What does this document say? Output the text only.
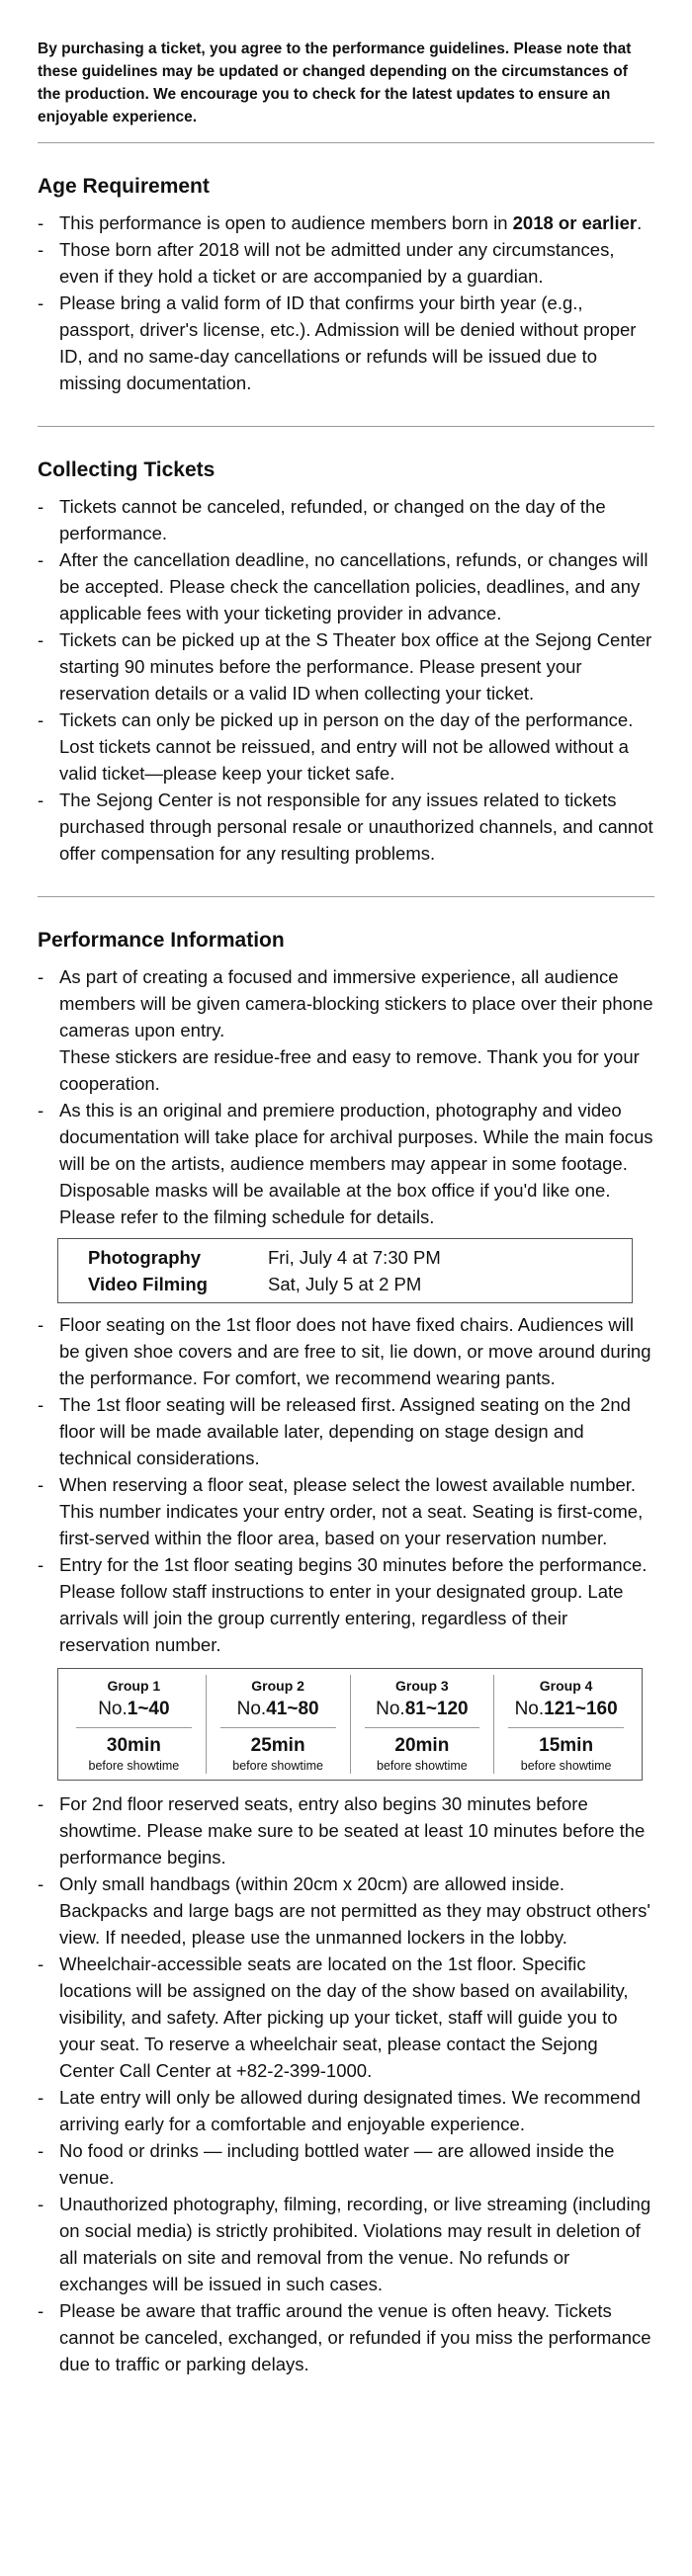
By purchasing a ticket, you agree to the performance guidelines. Please note that these guidelines may be updated or changed depending on the circumstances of the production. We encourage you to check for the latest updates to ensure an enjoyable experience.

Age Requirement
- This performance is open to audience members born in 2018 or earlier.
- Those born after 2018 will not be admitted under any circumstances, even if they hold a ticket or are accompanied by a guardian.
- Please bring a valid form of ID that confirms your birth year (e.g., passport, driver's license, etc.). Admission will be denied without proper ID, and no same-day cancellations or refunds will be issued due to missing documentation.
Collecting Tickets
- Tickets cannot be canceled, refunded, or changed on the day of the performance.
- After the cancellation deadline, no cancellations, refunds, or changes will be accepted. Please check the cancellation policies, deadlines, and any applicable fees with your ticketing provider in advance.
- Tickets can be picked up at the S Theater box office at the Sejong Center starting 90 minutes before the performance. Please present your reservation details or a valid ID when collecting your ticket.
- Tickets can only be picked up in person on the day of the performance. Lost tickets cannot be reissued, and entry will not be allowed without a valid ticket—please keep your ticket safe.
- The Sejong Center is not responsible for any issues related to tickets purchased through personal resale or unauthorized channels, and cannot offer compensation for any resulting problems.
Performance Information
- As part of creating a focused and immersive experience, all audience members will be given camera-blocking stickers to place over their phone cameras upon entry.
These stickers are residue-free and easy to remove. Thank you for your cooperation.
- As this is an original and premiere production, photography and video documentation will take place for archival purposes. While the main focus will be on the artists, audience members may appear in some footage. Disposable masks will be available at the box office if you'd like one. Please refer to the filming schedule for details.
Photography	Fri, July 4 at 7:30 PM
Video Filming	Sat, July 5 at 2 PM
- Floor seating on the 1st floor does not have fixed chairs. Audiences will be given shoe covers and are free to sit, lie down, or move around during the performance. For comfort, we recommend wearing pants.
- The 1st floor seating will be released first. Assigned seating on the 2nd floor will be made available later, depending on stage design and technical considerations.
- When reserving a floor seat, please select the lowest available number. This number indicates your entry order, not a seat. Seating is first-come, first-served within the floor area, based on your reservation number.
- Entry for the 1st floor seating begins 30 minutes before the performance. Please follow staff instructions to enter in your designated group. Late arrivals will join the group currently entering, regardless of their reservation number.
Group 1
No.1~40
30min
before showtime
Group 2
No.41~80
25min
before showtime
Group 3
No.81~120
20min
before showtime
Group 4
No.121~160
15min
before showtime
- For 2nd floor reserved seats, entry also begins 30 minutes before showtime. Please make sure to be seated at least 10 minutes before the performance begins.
- Only small handbags (within 20cm x 20cm) are allowed inside. Backpacks and large bags are not permitted as they may obstruct others' view. If needed, please use the unmanned lockers in the lobby.
- Wheelchair-accessible seats are located on the 1st floor. Specific locations will be assigned on the day of the show based on availability, visibility, and safety. After picking up your ticket, staff will guide you to your seat. To reserve a wheelchair seat, please contact the Sejong Center Call Center at +82-2-399-1000.
- Late entry will only be allowed during designated times. We recommend arriving early for a comfortable and enjoyable experience.
- No food or drinks — including bottled water — are allowed inside the venue.
- Unauthorized photography, filming, recording, or live streaming (including on social media) is strictly prohibited. Violations may result in deletion of all materials on site and removal from the venue. No refunds or exchanges will be issued in such cases.
- Please be aware that traffic around the venue is often heavy. Tickets cannot be canceled, exchanged, or refunded if you miss the performance due to traffic or parking delays.
